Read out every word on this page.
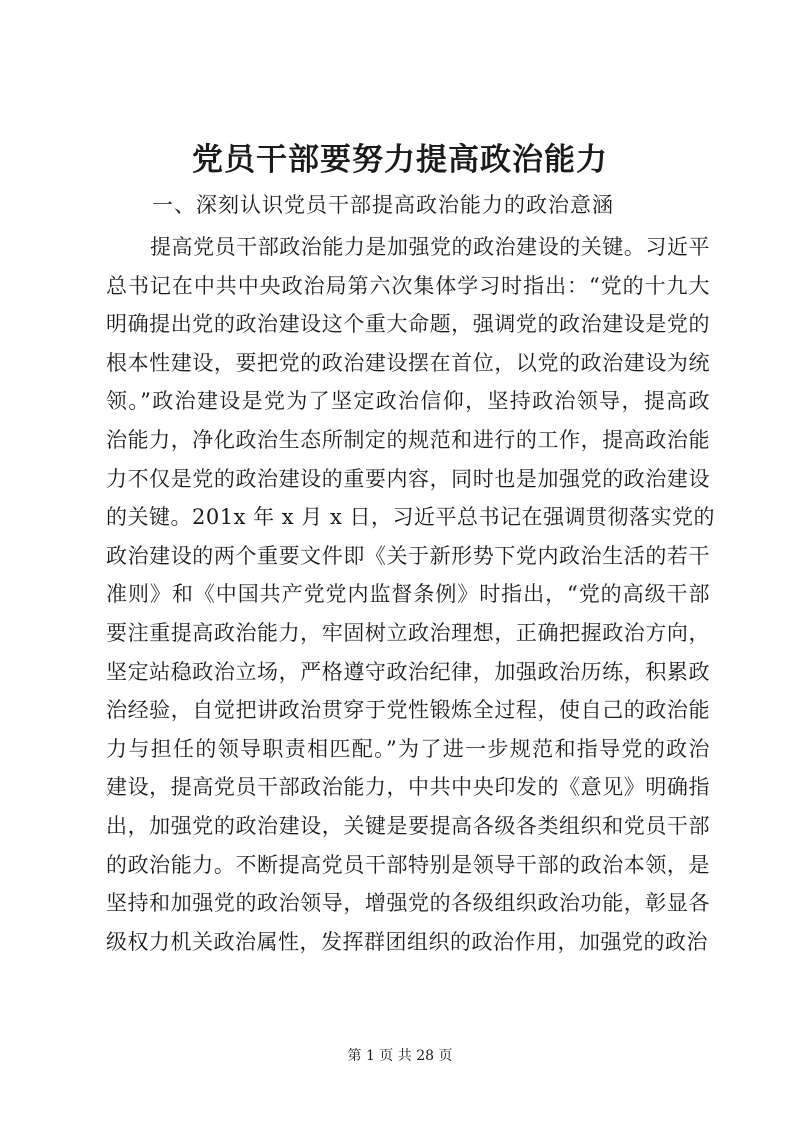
党员干部要努力提高政治能力

一、深刻认识党员干部提高政治能力的政治意涵

提高党员干部政治能力是加强党的政治建设的关键。习近平
总书记在中共中央政治局第六次集体学习时指出：“党的十九大
明确提出党的政治建设这个重大命题，强调党的政治建设是党的
根本性建设，要把党的政治建设摆在首位，以党的政治建设为统
领。”政治建设是党为了坚定政治信仰，坚持政治领导，提高政
治能力，净化政治生态所制定的规范和进行的工作，提高政治能
力不仅是党的政治建设的重要内容，同时也是加强党的政治建设
的关键。201x 年 x 月 x 日，习近平总书记在强调贯彻落实党的
政治建设的两个重要文件即《关于新形势下党内政治生活的若干
准则》和《中国共产党党内监督条例》时指出，“党的高级干部
要注重提高政治能力，牢固树立政治理想，正确把握政治方向，
坚定站稳政治立场，严格遵守政治纪律，加强政治历练，积累政
治经验，自觉把讲政治贯穿于党性锻炼全过程，使自己的政治能
力与担任的领导职责相匹配。”为了进一步规范和指导党的政治
建设，提高党员干部政治能力，中共中央印发的《意见》明确指
出，加强党的政治建设，关键是要提高各级各类组织和党员干部
的政治能力。不断提高党员干部特别是领导干部的政治本领，是
坚持和加强党的政治领导，增强党的各级组织政治功能，彰显各
级权力机关政治属性，发挥群团组织的政治作用，加强党的政治
第 1 页 共 28 页
